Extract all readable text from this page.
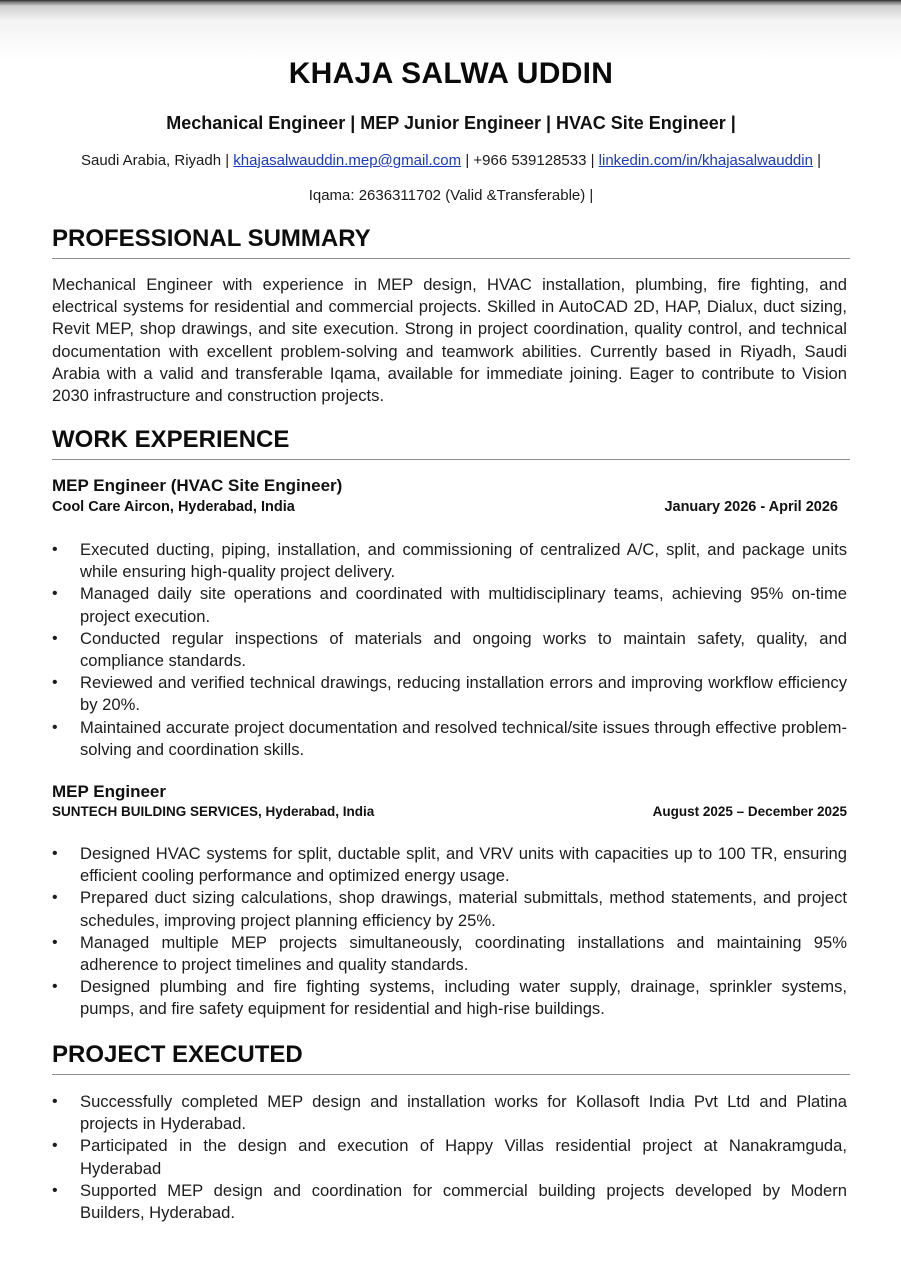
KHAJA SALWA UDDIN
Mechanical Engineer | MEP Junior Engineer | HVAC Site Engineer |
Saudi Arabia, Riyadh | khajasalwauddin.mep@gmail.com | +966 539128533 | linkedin.com/in/khajasalwauddin |
Iqama: 2636311702 (Valid &Transferable) |
PROFESSIONAL SUMMARY
Mechanical Engineer with experience in MEP design, HVAC installation, plumbing, fire fighting, and electrical systems for residential and commercial projects. Skilled in AutoCAD 2D, HAP, Dialux, duct sizing, Revit MEP, shop drawings, and site execution. Strong in project coordination, quality control, and technical documentation with excellent problem-solving and teamwork abilities. Currently based in Riyadh, Saudi Arabia with a valid and transferable Iqama, available for immediate joining. Eager to contribute to Vision 2030 infrastructure and construction projects.
WORK EXPERIENCE
MEP Engineer (HVAC Site Engineer)
Cool Care Aircon, Hyderabad, India	January 2026 - April 2026
• Executed ducting, piping, installation, and commissioning of centralized A/C, split, and package units while ensuring high-quality project delivery.
• Managed daily site operations and coordinated with multidisciplinary teams, achieving 95% on-time project execution.
• Conducted regular inspections of materials and ongoing works to maintain safety, quality, and compliance standards.
• Reviewed and verified technical drawings, reducing installation errors and improving workflow efficiency by 20%.
• Maintained accurate project documentation and resolved technical/site issues through effective problem-solving and coordination skills.
MEP Engineer
SUNTECH BUILDING SERVICES, Hyderabad, India	August 2025 – December 2025
• Designed HVAC systems for split, ductable split, and VRV units with capacities up to 100 TR, ensuring efficient cooling performance and optimized energy usage.
• Prepared duct sizing calculations, shop drawings, material submittals, method statements, and project schedules, improving project planning efficiency by 25%.
• Managed multiple MEP projects simultaneously, coordinating installations and maintaining 95% adherence to project timelines and quality standards.
• Designed plumbing and fire fighting systems, including water supply, drainage, sprinkler systems, pumps, and fire safety equipment for residential and high-rise buildings.
PROJECT EXECUTED
• Successfully completed MEP design and installation works for Kollasoft India Pvt Ltd and Platina projects in Hyderabad.
• Participated in the design and execution of Happy Villas residential project at Nanakramguda, Hyderabad
• Supported MEP design and coordination for commercial building projects developed by Modern Builders, Hyderabad.
